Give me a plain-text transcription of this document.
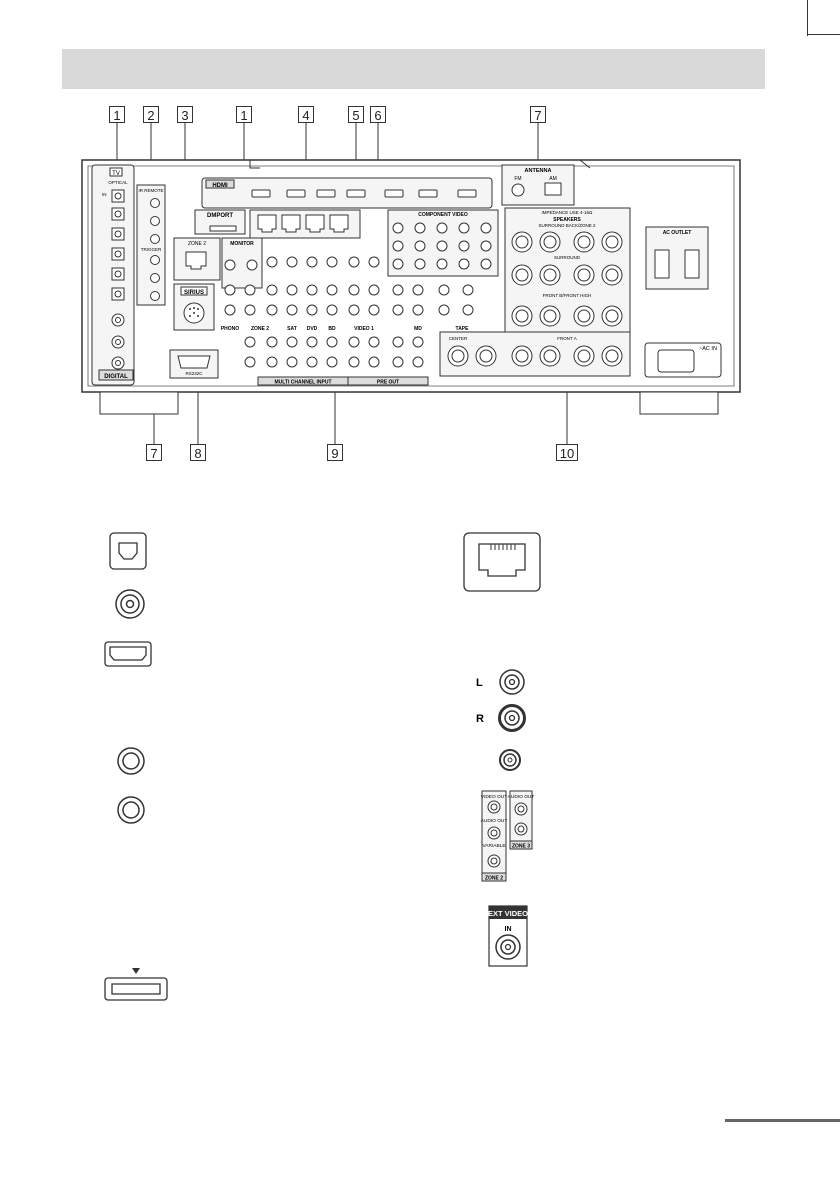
1	2	3	1	4	5	6	7
7	8	9	10
TV
OPTICAL
IN
DIGITAL
IR REMOTE
TRIGGER
HDMI
DMPORT
ZONE 2
SIRIUS
RS232C
MONITOR
PHONO ZONE 2	SAT DVD BD	VIDEO 1	MD	TAPE
MULTI CHANNEL INPUT	PRE OUT
COMPONENT VIDEO
ANTENNA
FM	AM
IMPEDANCE USE 4-16Ω
SPEAKERS
SURROUND BACK/ZONE 2
SURROUND
FRONT B/FRONT HIGH
CENTER	FRONT A
AC OUTLET
~AC IN
L
R
VIDEO OUT
AUDIO OUT
VARIABLE
ZONE 2
AUDIO OUT
ZONE 3
EXT VIDEO
IN
